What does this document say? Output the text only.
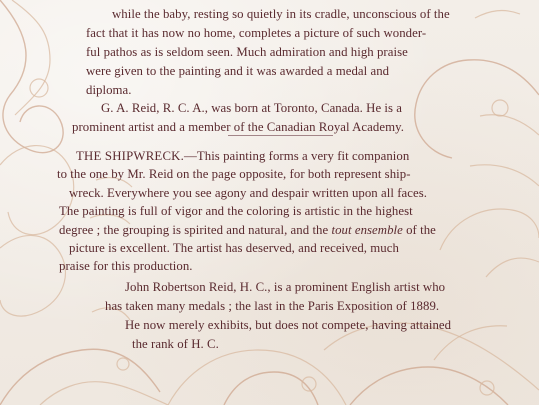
while the baby, resting so quietly in its cradle, unconscious of the
fact that it has now no home, completes a picture of such wonder-
ful pathos as is seldom seen. Much admiration and high praise
were given to the painting and it was awarded a medal and
diploma.
G. A. Reid, R. C. A., was born at Toronto, Canada. He is a
prominent artist and a member of the Canadian Royal Academy.
THE SHIPWRECK.—This painting forms a very fit companion
to the one by Mr. Reid on the page opposite, for both represent ship-
wreck. Everywhere you see agony and despair written upon all faces.
The painting is full of vigor and the coloring is artistic in the highest
degree ; the grouping is spirited and natural, and the tout ensemble of the
picture is excellent. The artist has deserved, and received, much
praise for this production.
John Robertson Reid, H. C., is a prominent English artist who
has taken many medals ; the last in the Paris Exposition of 1889.
He now merely exhibits, but does not compete, having attained
the rank of H. C.
